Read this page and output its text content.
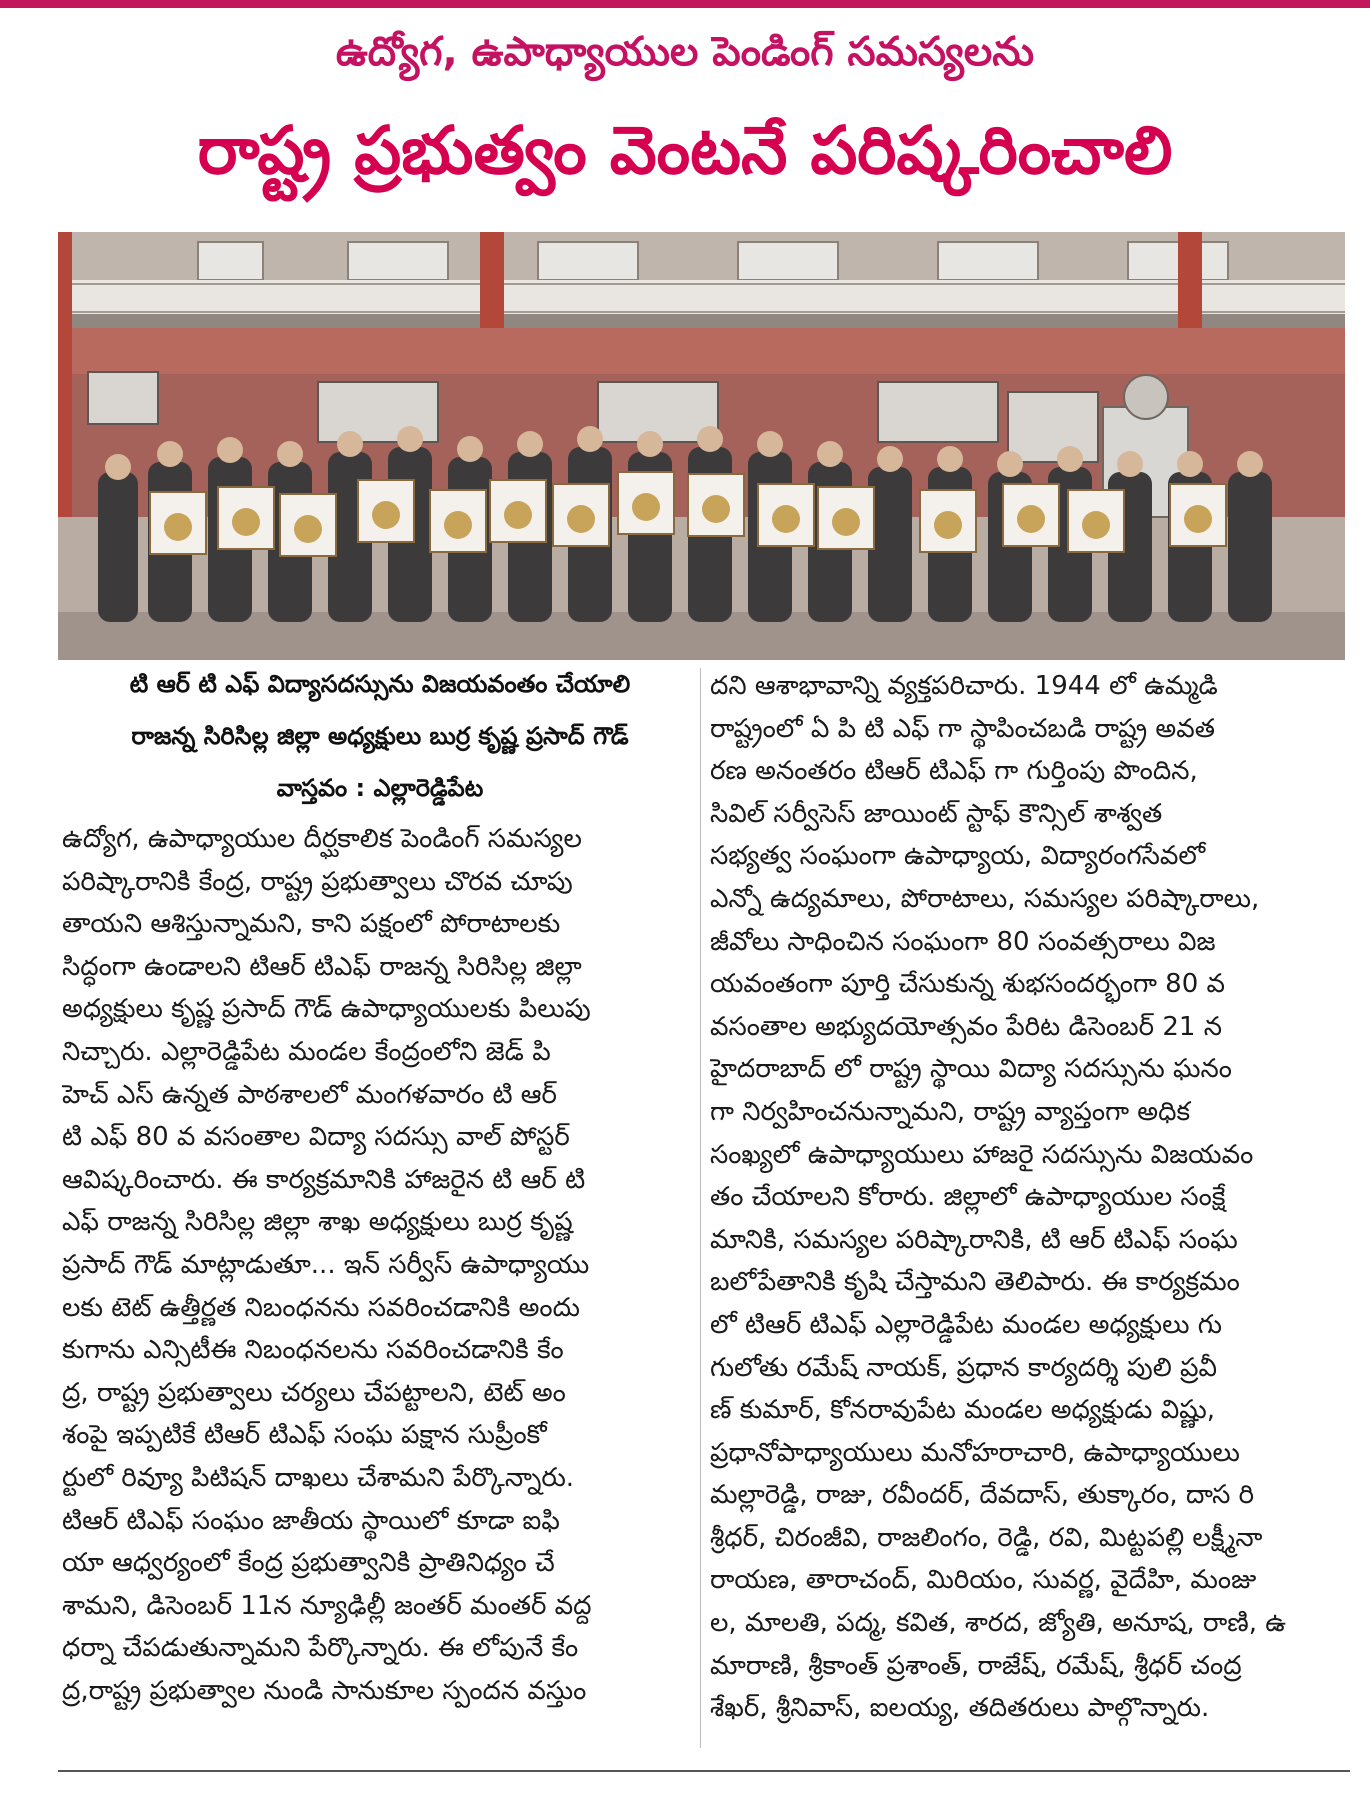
ఉద్యోగ, ఉపాధ్యాయుల పెండింగ్ సమస్యలను
రాష్ట్ర ప్రభుత్వం వెంటనే పరిష్కరించాలి
టి ఆర్ టి ఎఫ్ విద్యాసదస్సును విజయవంతం చేయాలి
రాజన్న సిరిసిల్ల జిల్లా అధ్యక్షులు బుర్ర కృష్ణ ప్రసాద్ గౌడ్
వాస్తవం : ఎల్లారెడ్డిపేట
ఉద్యోగ, ఉపాధ్యాయుల దీర్ఘకాలిక పెండింగ్ సమస్యల
పరిష్కారానికి కేంద్ర, రాష్ట్ర ప్రభుత్వాలు చొరవ చూపు
తాయని ఆశిస్తున్నామని, కాని పక్షంలో పోరాటాలకు
సిద్ధంగా ఉండాలని టిఆర్ టిఎఫ్ రాజన్న సిరిసిల్ల జిల్లా
అధ్యక్షులు కృష్ణ ప్రసాద్ గౌడ్ ఉపాధ్యాయులకు పిలుపు
నిచ్చారు. ఎల్లారెడ్డిపేట మండల కేంద్రంలోని జెడ్ పి
హెచ్ ఎస్ ఉన్నత పాఠశాలలో మంగళవారం టి ఆర్
టి ఎఫ్ 80 వ వసంతాల విద్యా సదస్సు వాల్ పోస్టర్
ఆవిష్కరించారు. ఈ కార్యక్రమానికి హాజరైన టి ఆర్ టి
ఎఫ్ రాజన్న సిరిసిల్ల జిల్లా శాఖ అధ్యక్షులు బుర్ర కృష్ణ
ప్రసాద్ గౌడ్ మాట్లాడుతూ... ఇన్ సర్వీస్ ఉపాధ్యాయు
లకు టెట్ ఉత్తీర్ణత నిబంధనను సవరించడానికి అందు
కుగాను ఎన్సిటీఈ నిబంధనలను సవరించడానికి కేం
ద్ర, రాష్ట్ర ప్రభుత్వాలు చర్యలు చేపట్టాలని, టెట్ అం
శంపై ఇప్పటికే టిఆర్ టిఎఫ్ సంఘ పక్షాన సుప్రీంకో
ర్టులో రివ్యూ పిటిషన్ దాఖలు చేశామని పేర్కొన్నారు.
టిఆర్ టిఎఫ్ సంఘం జాతీయ స్థాయిలో కూడా ఐఫి
యా ఆధ్వర్యంలో కేంద్ర ప్రభుత్వానికి ప్రాతినిధ్యం చే
శామని, డిసెంబర్ 11న న్యూఢిల్లీ జంతర్ మంతర్ వద్ద
ధర్నా చేపడుతున్నామని పేర్కొన్నారు. ఈ లోపునే కేం
ద్ర,రాష్ట్ర ప్రభుత్వాల నుండి సానుకూల స్పందన వస్తుం
దని ఆశాభావాన్ని వ్యక్తపరిచారు. 1944 లో ఉమ్మడి
రాష్ట్రంలో ఏ పి టి ఎఫ్ గా స్థాపించబడి రాష్ట్ర అవత
రణ అనంతరం టిఆర్ టిఎఫ్ గా గుర్తింపు పొందిన,
సివిల్ సర్వీసెస్ జాయింట్ స్టాఫ్ కౌన్సిల్ శాశ్వత
సభ్యత్వ సంఘంగా ఉపాధ్యాయ, విద్యారంగసేవలో
ఎన్నో ఉద్యమాలు, పోరాటాలు, సమస్యల పరిష్కారాలు,
జీవోలు సాధించిన సంఘంగా 80 సంవత్సరాలు విజ
యవంతంగా పూర్తి చేసుకున్న శుభసందర్భంగా 80 వ
వసంతాల అభ్యుదయోత్సవం పేరిట డిసెంబర్ 21 న
హైదరాబాద్ లో రాష్ట్ర స్థాయి విద్యా సదస్సును ఘనం
గా నిర్వహించనున్నామని, రాష్ట్ర వ్యాప్తంగా అధిక
సంఖ్యలో ఉపాధ్యాయులు హాజరై సదస్సును విజయవం
తం చేయాలని కోరారు. జిల్లాలో ఉపాధ్యాయుల సంక్షే
మానికి, సమస్యల పరిష్కారానికి, టి ఆర్ టిఎఫ్ సంఘ
బలోపేతానికి కృషి చేస్తామని తెలిపారు. ఈ కార్యక్రమం
లో టిఆర్ టిఎఫ్ ఎల్లారెడ్డిపేట మండల అధ్యక్షులు గు
గులోతు రమేష్ నాయక్, ప్రధాన కార్యదర్శి పులి ప్రవీ
ణ్ కుమార్, కోనరావుపేట మండల అధ్యక్షుడు విష్ణు,
ప్రధానోపాధ్యాయులు మనోహరాచారి, ఉపాధ్యాయులు
మల్లారెడ్డి, రాజు, రవీందర్, దేవదాస్, తుక్కారం, దాస రి
శ్రీధర్, చిరంజీవి, రాజలింగం, రెడ్డి, రవి, మిట్టపల్లి లక్ష్మీనా
రాయణ, తారాచంద్, మిరియం, సువర్ణ, వైదేహి, మంజు
ల, మాలతి, పద్మ, కవిత, శారద, జ్యోతి, అనూష, రాణి, ఉ
మారాణి, శ్రీకాంత్ ప్రశాంత్, రాజేష్, రమేష్, శ్రీధర్ చంద్ర
శేఖర్, శ్రీనివాస్, ఐలయ్య, తదితరులు పాల్గొన్నారు.
